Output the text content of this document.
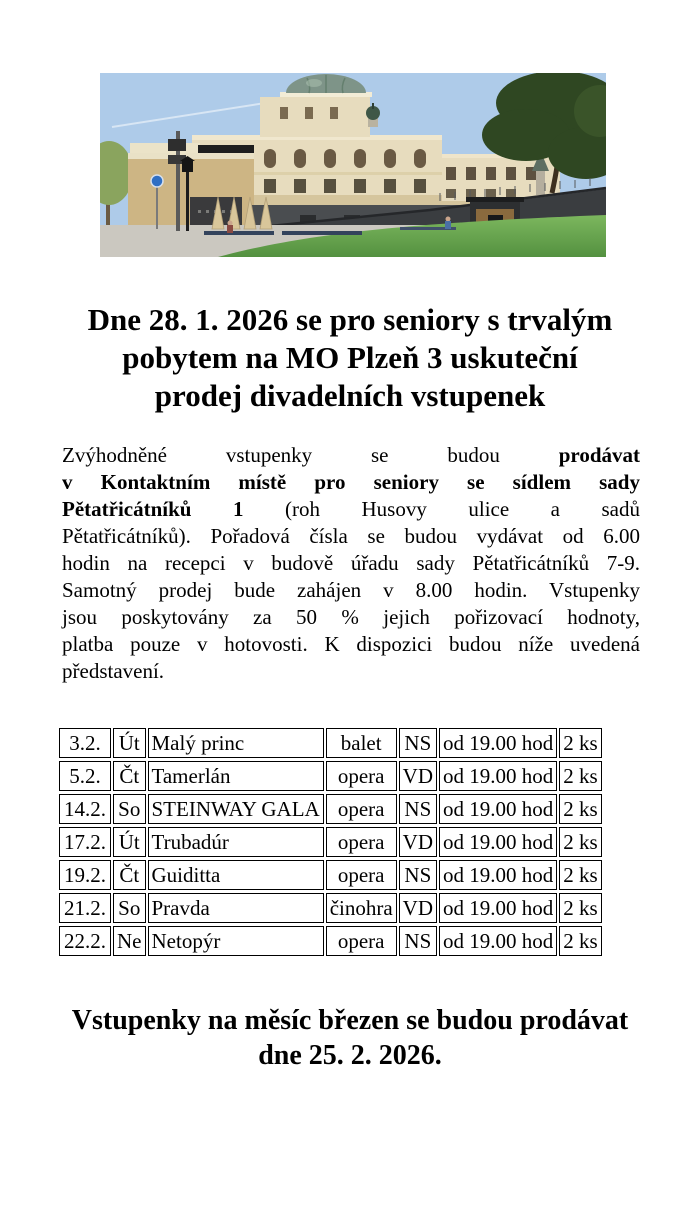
Dne 28. 1. 2026 se pro seniory s trvalým
pobytem na MO Plzeň 3 uskuteční
prodej divadelních vstupenek
Zvýhodněné vstupenky se budou prodávat
v Kontaktním místě pro seniory se sídlem sady
Pětatřicátníků 1 (roh Husovy ulice a sadů
Pětatřicátníků). Pořadová čísla se budou vydávat od 6.00
hodin na recepci v budově úřadu sady Pětatřicátníků 7-9.
Samotný prodej bude zahájen v 8.00 hodin. Vstupenky
jsou poskytovány za 50 % jejich pořizovací hodnoty,
platba pouze v hotovosti. K dispozici budou níže uvedená
představení.
3.2.	Út	Malý princ	balet	NS	od 19.00 hod	2 ks
5.2.	Čt	Tamerlán	opera	VD	od 19.00 hod	2 ks
14.2.	So	STEINWAY GALA	opera	NS	od 19.00 hod	2 ks
17.2.	Út	Trubadúr	opera	VD	od 19.00 hod	2 ks
19.2.	Čt	Guiditta	opera	NS	od 19.00 hod	2 ks
21.2.	So	Pravda	činohra	VD	od 19.00 hod	2 ks
22.2.	Ne	Netopýr	opera	NS	od 19.00 hod	2 ks
Vstupenky na měsíc březen se budou prodávat
dne 25. 2. 2026.
